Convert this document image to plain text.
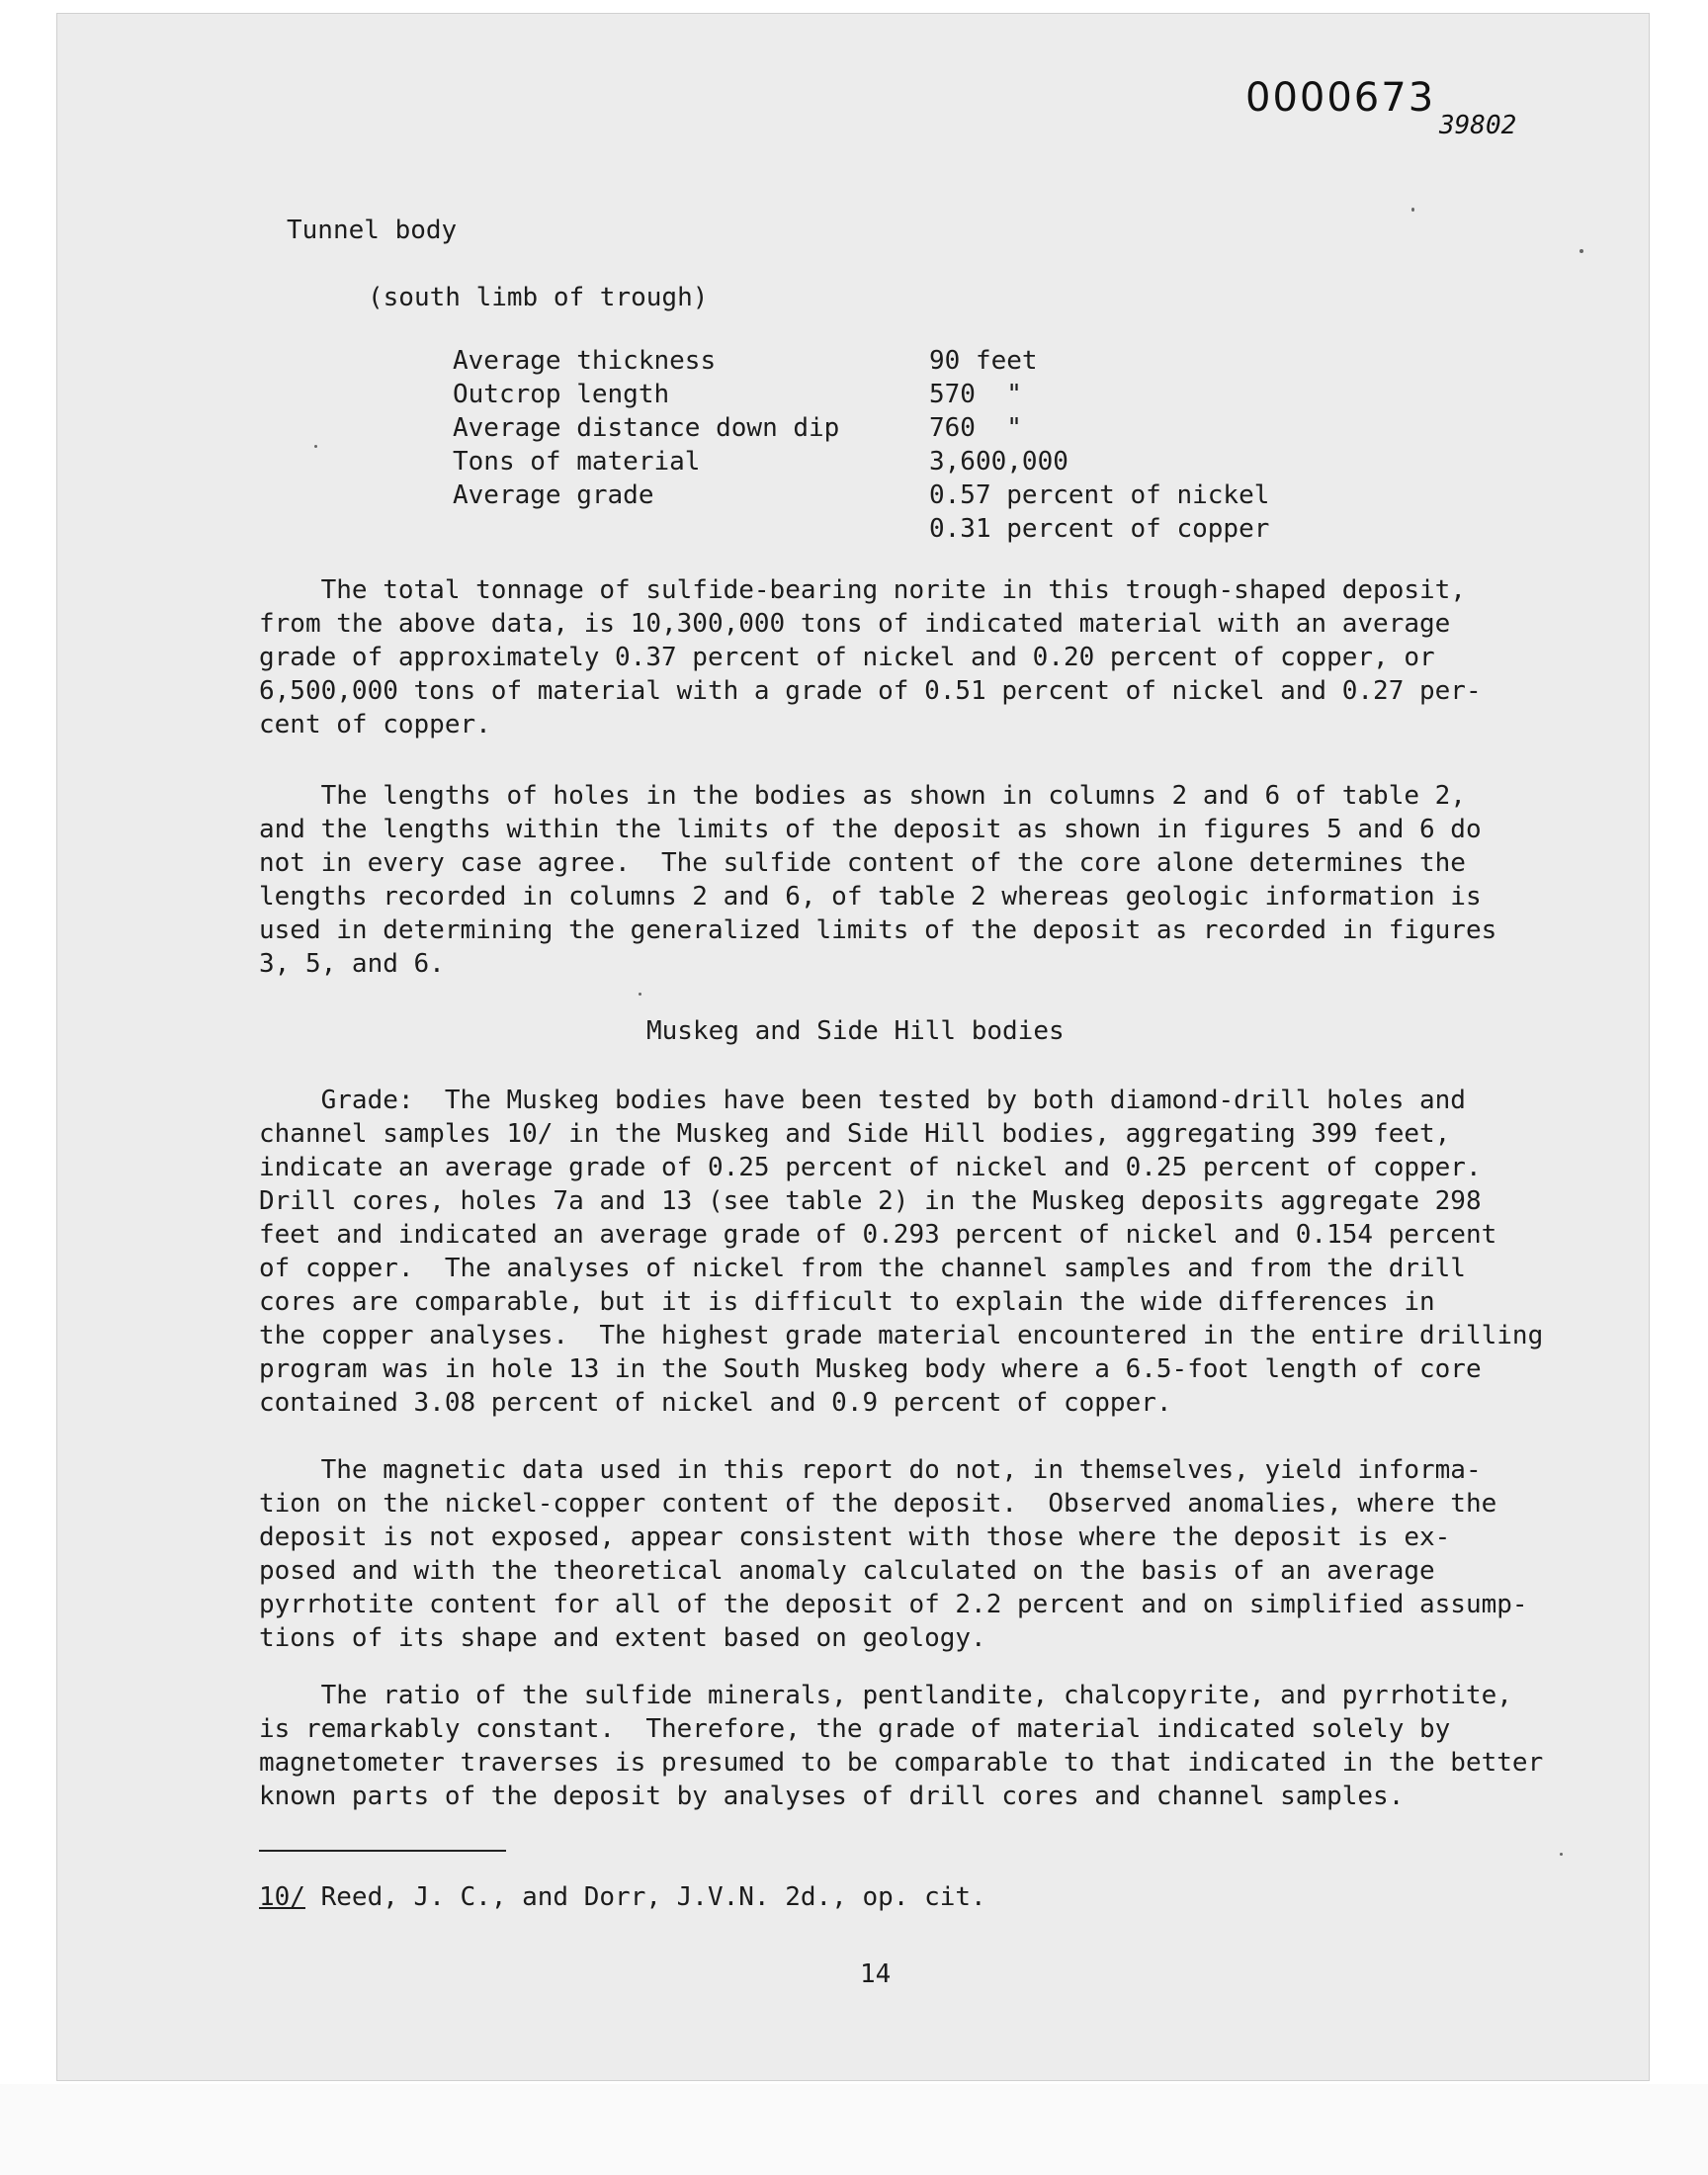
0000673
39802
Tunnel body
(south limb of trough)
Average thickness	90 feet
Outcrop length	570  "
Average distance down dip	760  "
Tons of material	3,600,000
Average grade	0.57 percent of nickel
0.31 percent of copper
The total tonnage of sulfide-bearing norite in this trough-shaped deposit,
from the above data, is 10,300,000 tons of indicated material with an average
grade of approximately 0.37 percent of nickel and 0.20 percent of copper, or
6,500,000 tons of material with a grade of 0.51 percent of nickel and 0.27 per-
cent of copper.
The lengths of holes in the bodies as shown in columns 2 and 6 of table 2,
and the lengths within the limits of the deposit as shown in figures 5 and 6 do
not in every case agree.  The sulfide content of the core alone determines the
lengths recorded in columns 2 and 6, of table 2 whereas geologic information is
used in determining the generalized limits of the deposit as recorded in figures
3, 5, and 6.
Muskeg and Side Hill bodies
Grade:  The Muskeg bodies have been tested by both diamond-drill holes and
channel samples 10/ in the Muskeg and Side Hill bodies, aggregating 399 feet,
indicate an average grade of 0.25 percent of nickel and 0.25 percent of copper.
Drill cores, holes 7a and 13 (see table 2) in the Muskeg deposits aggregate 298
feet and indicated an average grade of 0.293 percent of nickel and 0.154 percent
of copper.  The analyses of nickel from the channel samples and from the drill
cores are comparable, but it is difficult to explain the wide differences in
the copper analyses.  The highest grade material encountered in the entire drilling
program was in hole 13 in the South Muskeg body where a 6.5-foot length of core
contained 3.08 percent of nickel and 0.9 percent of copper.
The magnetic data used in this report do not, in themselves, yield informa-
tion on the nickel-copper content of the deposit.  Observed anomalies, where the
deposit is not exposed, appear consistent with those where the deposit is ex-
posed and with the theoretical anomaly calculated on the basis of an average
pyrrhotite content for all of the deposit of 2.2 percent and on simplified assump-
tions of its shape and extent based on geology.
The ratio of the sulfide minerals, pentlandite, chalcopyrite, and pyrrhotite,
is remarkably constant.  Therefore, the grade of material indicated solely by
magnetometer traverses is presumed to be comparable to that indicated in the better
known parts of the deposit by analyses of drill cores and channel samples.
10/ Reed, J. C., and Dorr, J.V.N. 2d., op. cit.
14
